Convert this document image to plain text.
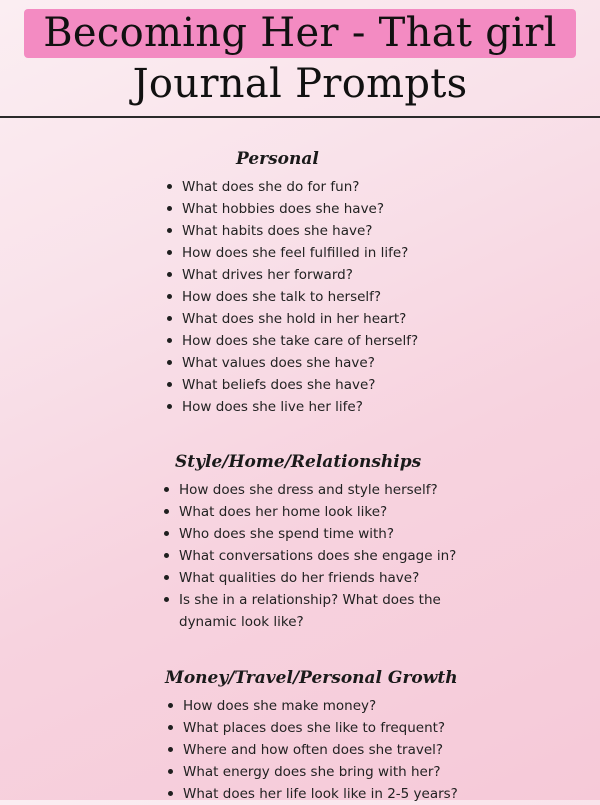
Becoming Her - That girl
Journal Prompts
Personal
What does she do for fun?
What hobbies does she have?
What habits does she have?
How does she feel fulfilled in life?
What drives her forward?
How does she talk to herself?
What does she hold in her heart?
How does she take care of herself?
What values does she have?
What beliefs does she have?
How does she live her life?
Style/Home/Relationships
How does she dress and style herself?
What does her home look like?
Who does she spend time with?
What conversations does she engage in?
What qualities do her friends have?
Is she in a relationship? What does the dynamic look like?
Money/Travel/Personal Growth
How does she make money?
What places does she like to frequent?
Where and how often does she travel?
What energy does she bring with her?
What does her life look like in 2-5 years?
